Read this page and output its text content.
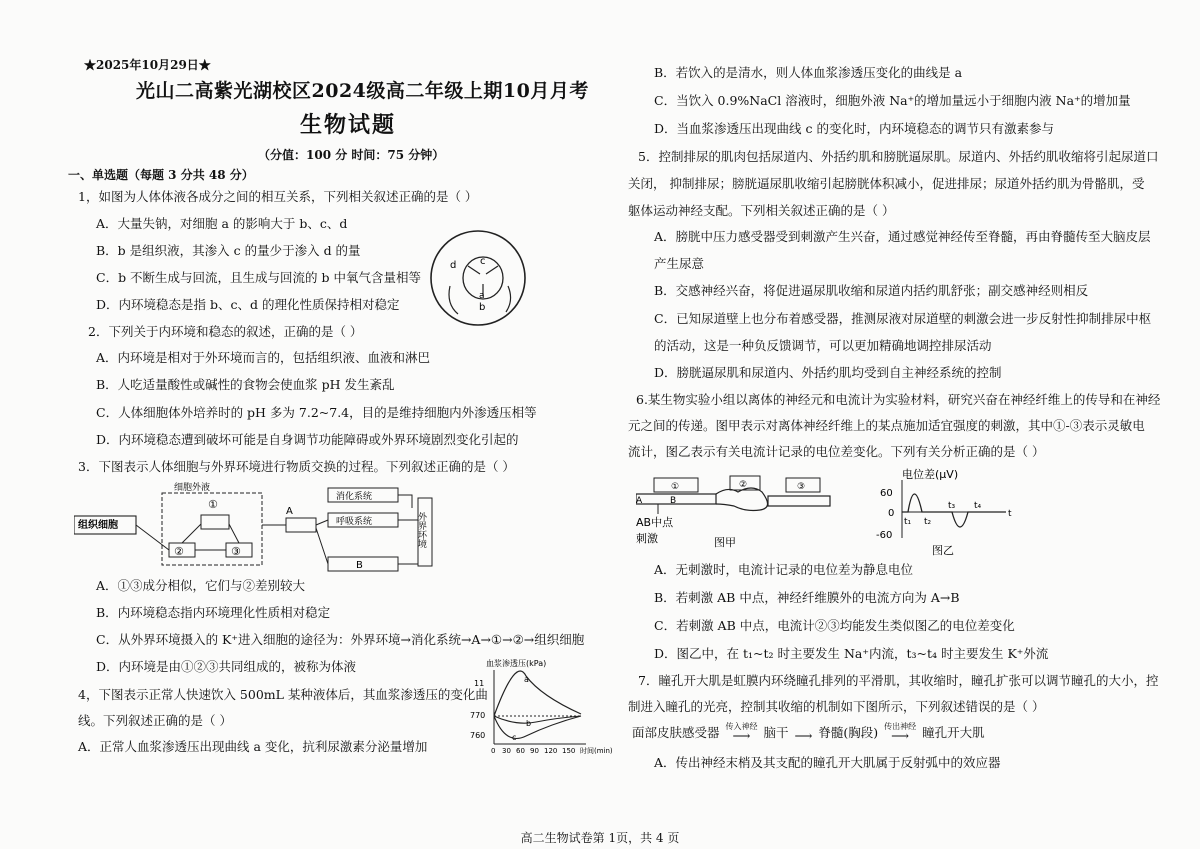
★2025年10月29日★
光山二高紫光湖校区2024级高二年级上期10月月考
生物试题
（分值：100 分 时间：75 分钟）
一、单选题（每题 3 分共 48 分）
1，如图为人体体液各成分之间的相互关系，下列相关叙述正确的是（ ）
A．大量失钠，对细胞 a 的影响大于 b、c、d
B．b 是组织液，其渗入 c 的量少于渗入 d 的量
C．b 不断生成与回流，且生成与回流的 b 中氧气含量相等
D．内环境稳态是指 b、c、d 的理化性质保持相对稳定
d c
a
b
2．下列关于内环境和稳态的叙述，正确的是（ ）
A．内环境是相对于外环境而言的，包括组织液、血液和淋巴
B．人吃适量酸性或碱性的食物会使血浆 pH 发生紊乱
C．人体细胞体外培养时的 pH 多为 7.2~7.4，目的是维持细胞内外渗透压相等
D．内环境稳态遭到破坏可能是自身调节功能障碍或外界环境剧烈变化引起的
3．下图表示人体细胞与外界环境进行物质交换的过程。下列叙述正确的是（ ）
细胞外液
组织细胞
①
②	③
A
消化系统
呼吸系统
B
外界环境
A．①③成分相似，它们与②差别较大
B．内环境稳态指内环境理化性质相对稳定
C．从外界环境摄入的 K⁺进入细胞的途径为：外界环境→消化系统→A→①→②→组织细胞
D．内环境是由①②③共同组成的，被称为体液
4，下图表示正常人快速饮入 500mL 某种液体后，其血浆渗透压的变化曲
线。下列叙述正确的是（ ）
A．正常人血浆渗透压出现曲线 a 变化，抗利尿激素分泌量增加
血浆渗透压(kPa)
11
770
760
a
b
c
0 30 60 90 120 150 时间(min)
B．若饮入的是清水，则人体血浆渗透压变化的曲线是 a
C．当饮入 0.9%NaCl 溶液时，细胞外液 Na⁺的增加量远小于细胞内液 Na⁺的增加量
D．当血浆渗透压出现曲线 c 的变化时，内环境稳态的调节只有激素参与
5．控制排尿的肌肉包括尿道内、外括约肌和膀胱逼尿肌。尿道内、外括约肌收缩将引起尿道口
关闭， 抑制排尿；膀胱逼尿肌收缩引起膀胱体积减小，促进排尿；尿道外括约肌为骨骼肌，受
躯体运动神经支配。下列相关叙述正确的是（ ）
A．膀胱中压力感受器受到刺激产生兴奋，通过感觉神经传至脊髓，再由脊髓传至大脑皮层
产生尿意
B．交感神经兴奋，将促进逼尿肌收缩和尿道内括约肌舒张；副交感神经则相反
C．已知尿道壁上也分布着感受器，推测尿液对尿道壁的刺激会进一步反射性抑制排尿中枢
的活动，这是一种负反馈调节，可以更加精确地调控排尿活动
D．膀胱逼尿肌和尿道内、外括约肌均受到自主神经系统的控制
6.某生物实验小组以离体的神经元和电流计为实验材料，研究兴奋在神经纤维上的传导和在神经
元之间的传递。图甲表示对离体神经纤维上的某点施加适宜强度的刺激，其中①-③表示灵敏电
流计，图乙表示有关电流计记录的电位差变化。下列有关分析正确的是（ ）
①	②	③
A	B
AB中点
刺激	图甲
电位差(μV)
60
0
-60
t₁ t₂
t₃ t₄
t
图乙
A．无刺激时，电流计记录的电位差为静息电位
B．若刺激 AB 中点，神经纤维膜外的电流方向为 A→B
C．若刺激 AB 中点，电流计②③均能发生类似图乙的电位差变化
D．图乙中，在 t₁~t₂ 时主要发生 Na⁺内流，t₃~t₄ 时主要发生 K⁺外流
7．瞳孔开大肌是虹膜内环绕瞳孔排列的平滑肌，其收缩时，瞳孔扩张可以调节瞳孔的大小，控
制进入瞳孔的光亮，控制其收缩的机制如下图所示，下列叙述错误的是（ ）
面部皮肤感受器 传入神经
⟶	脑干 ⟶ 脊髓(胸段) 传出神经
⟶	瞳孔开大肌
A．传出神经末梢及其支配的瞳孔开大肌属于反射弧中的效应器
高二生物试卷第 1页，共 4 页
